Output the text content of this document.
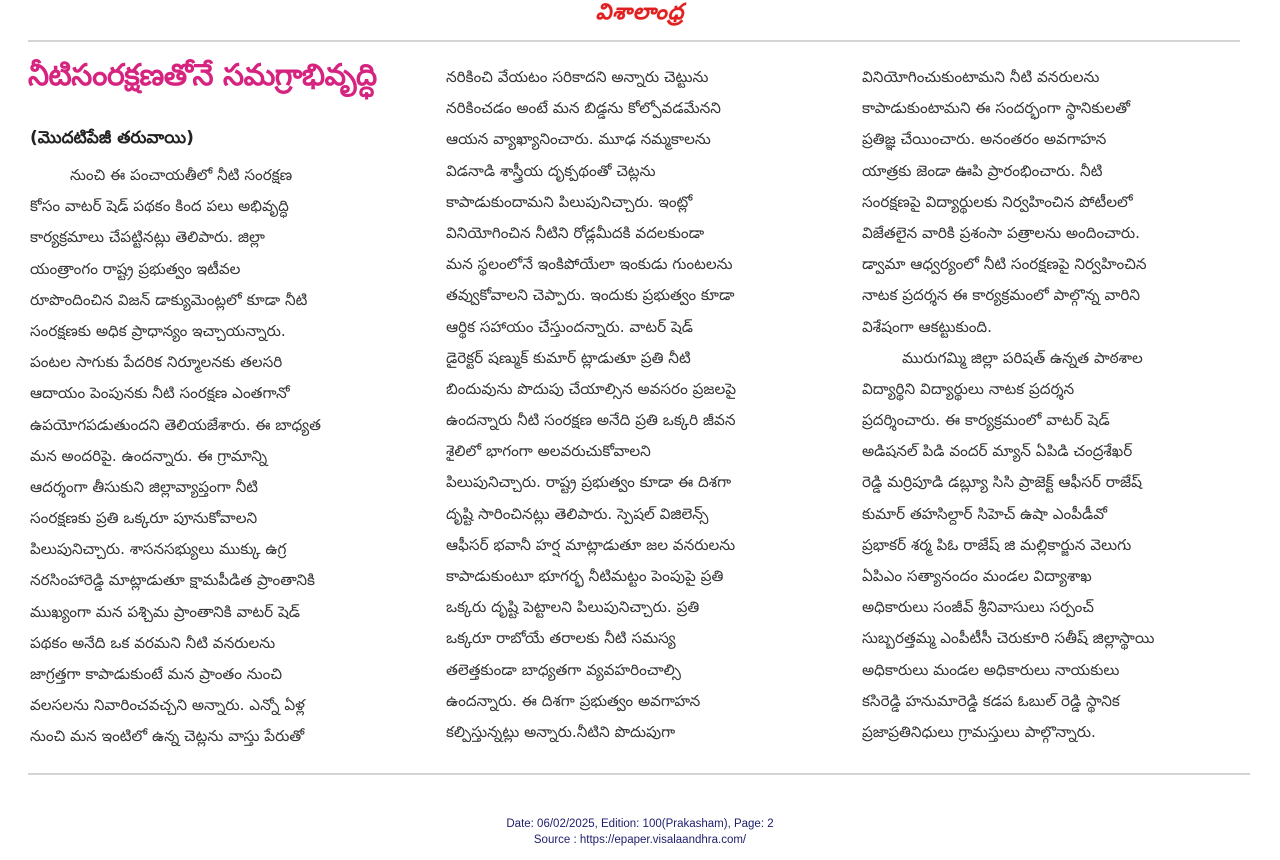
విశాలాంధ్ర
నీటిసంరక్షణతోనే సమగ్రాభివృద్ధి
(మొదటిపేజీ తరువాయి)
నుంచి ఈ పంచాయతీలో నీటి సంరక్షణ
కోసం వాటర్ షెడ్ పథకం కింద పలు అభివృద్ధి
కార్యక్రమాలు చేపట్టినట్లు తెలిపారు. జిల్లా
యంత్రాంగం రాష్ట్ర ప్రభుత్వం ఇటీవల
రూపొందించిన విజన్ డాక్యుమెంట్లలో కూడా నీటి
సంరక్షణకు అధిక ప్రాధాన్యం ఇచ్చాయన్నారు.
పంటల సాగుకు పేదరిక నిర్మూలనకు తలసరి
ఆదాయం పెంపునకు నీటి సంరక్షణ ఎంతగానో
ఉపయోగపడుతుందని తెలియజేశారు. ఈ బాధ్యత
మన అందరిపై. ఉందన్నారు. ఈ గ్రామాన్ని
ఆదర్శంగా తీసుకుని జిల్లావ్యాప్తంగా నీటి
సంరక్షణకు ప్రతి ఒక్కరూ పూనుకోవాలని
పిలుపునిచ్చారు. శాసనసభ్యులు ముక్కు ఉగ్ర
నరసింహారెడ్డి మాట్లాడుతూ క్షామపీడిత ప్రాంతానికి
ముఖ్యంగా మన పశ్చిమ ప్రాంతానికి వాటర్ షెడ్
పథకం అనేది ఒక వరమని నీటి వనరులను
జాగ్రత్తగా కాపాడుకుంటే మన ప్రాంతం నుంచి
వలసలను నివారించవచ్చని అన్నారు. ఎన్నో ఏళ్ల
నుంచి మన ఇంటిలో ఉన్న చెట్లను వాస్తు పేరుతో
నరికించి వేయటం సరికాదని అన్నారు చెట్టును
నరికించడం అంటే మన బిడ్డను కోల్పోవడమేనని
ఆయన వ్యాఖ్యానించారు. మూఢ నమ్మకాలను
విడనాడి శాస్త్రీయ దృక్పథంతో చెట్లను
కాపాడుకుందామని పిలుపునిచ్చారు. ఇంట్లో
వినియోగించిన నీటిని రోడ్లమీదకి వదలకుండా
మన స్థలంలోనే ఇంకిపోయేలా ఇంకుడు గుంటలను
తవ్వుకోవాలని చెప్పారు. ఇందుకు ప్రభుత్వం కూడా
ఆర్థిక సహాయం చేస్తుందన్నారు. వాటర్ షెడ్
డైరెక్టర్ షణ్ముక్ కుమార్ ట్లాడుతూ ప్రతి నీటి
బిందువును పొదుపు చేయాల్సిన అవసరం ప్రజలపై
ఉందన్నారు నీటి సంరక్షణ అనేది ప్రతి ఒక్కరి జీవన
శైలిలో భాగంగా అలవరుచుకోవాలని
పిలుపునిచ్చారు. రాష్ట్ర ప్రభుత్వం కూడా ఈ దిశగా
దృష్టి సారించినట్లు తెలిపారు. స్పెషల్ విజిలెన్స్
ఆఫీసర్ భవానీ హర్ష మాట్లాడుతూ జల వనరులను
కాపాడుకుంటూ భూగర్భ నీటిమట్టం పెంపుపై ప్రతి
ఒక్కరు దృష్టి పెట్టాలని పిలుపునిచ్చారు. ప్రతి
ఒక్కరూ రాబోయే తరాలకు నీటి సమస్య
తలెత్తకుండా బాధ్యతగా వ్యవహరించాల్సి
ఉందన్నారు. ఈ దిశగా ప్రభుత్వం అవగాహన
కల్పిస్తున్నట్లు అన్నారు.నీటిని పొదుపుగా
వినియోగించుకుంటామని నీటి వనరులను
కాపాడుకుంటామని ఈ సందర్భంగా స్థానికులతో
ప్రతిజ్ఞ చేయించారు. అనంతరం అవగాహన
యాత్రకు జెండా ఊపి ప్రారంభించారు. నీటి
సంరక్షణపై విద్యార్థులకు నిర్వహించిన పోటీలలో
విజేతలైన వారికి ప్రశంసా పత్రాలను అందించారు.
డ్వామా ఆధ్వర్యంలో నీటి సంరక్షణపై నిర్వహించిన
నాటక ప్రదర్శన ఈ కార్యక్రమంలో పాల్గొన్న వారిని
విశేషంగా ఆకట్టుకుంది.
మురుగమ్మి జిల్లా పరిషత్ ఉన్నత పాఠశాల
విద్యార్థిని విద్యార్థులు నాటక ప్రదర్శన
ప్రదర్శించారు. ఈ కార్యక్రమంలో వాటర్ షెడ్
అడిషనల్ పిడి వందర్ మ్యాన్ ఏపిడి చంద్రశేఖర్
రెడ్డి మర్రిపూడి డబ్ల్యూ సిసి ప్రాజెక్ట్ ఆఫీసర్ రాజేష్
కుమార్ తహసిల్దార్ సిహెచ్ ఉషా ఎంపీడీవో
ప్రభాకర్ శర్మ పిఓ రాజేష్ జి మల్లికార్జున వెలుగు
ఏపిఎం సత్యానందం మండల విద్యాశాఖ
అధికారులు సంజీవ్ శ్రీనివాసులు సర్పంచ్
సుబ్బరత్తమ్మ ఎంపీటీసీ చెరుకూరి సతీష్ జిల్లాస్థాయి
అధికారులు మండల అధికారులు నాయకులు
కసిరెడ్డి హనుమారెడ్డి కడప ఓబుల్ రెడ్డి స్థానిక
ప్రజాప్రతినిధులు గ్రామస్తులు పాల్గొన్నారు.
Date: 06/02/2025, Edition: 100(Prakasham), Page: 2
Source : https://epaper.visalaandhra.com/
